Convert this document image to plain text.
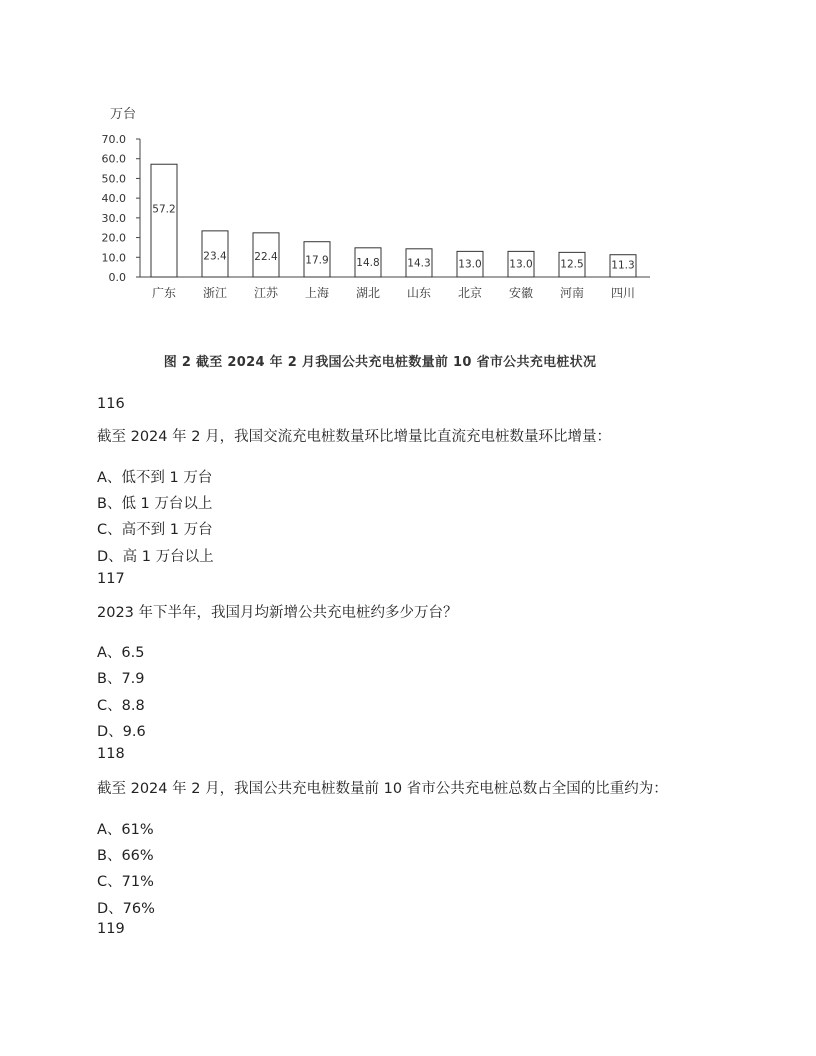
万台
0.0
10.0
20.0
30.0
40.0
50.0
60.0
70.0
57.2
23.4	22.4	17.9	14.8	14.3	13.0	13.0	12.5	11.3
广东 浙江 江苏 上海 湖北 山东 北京 安徽 河南 四川
图 2 截至 2024 年 2 月我国公共充电桩数量前 10 省市公共充电桩状况
116
截至 2024 年 2 月，我国交流充电桩数量环比增量比直流充电桩数量环比增量：
A、低不到 1 万台
B、低 1 万台以上
C、高不到 1 万台
D、高 1 万台以上
117
2023 年下半年，我国月均新增公共充电桩约多少万台？
A、6.5
B、7.9
C、8.8
D、9.6
118
截至 2024 年 2 月，我国公共充电桩数量前 10 省市公共充电桩总数占全国的比重约为：
A、61%
B、66%
C、71%
D、76%
119
